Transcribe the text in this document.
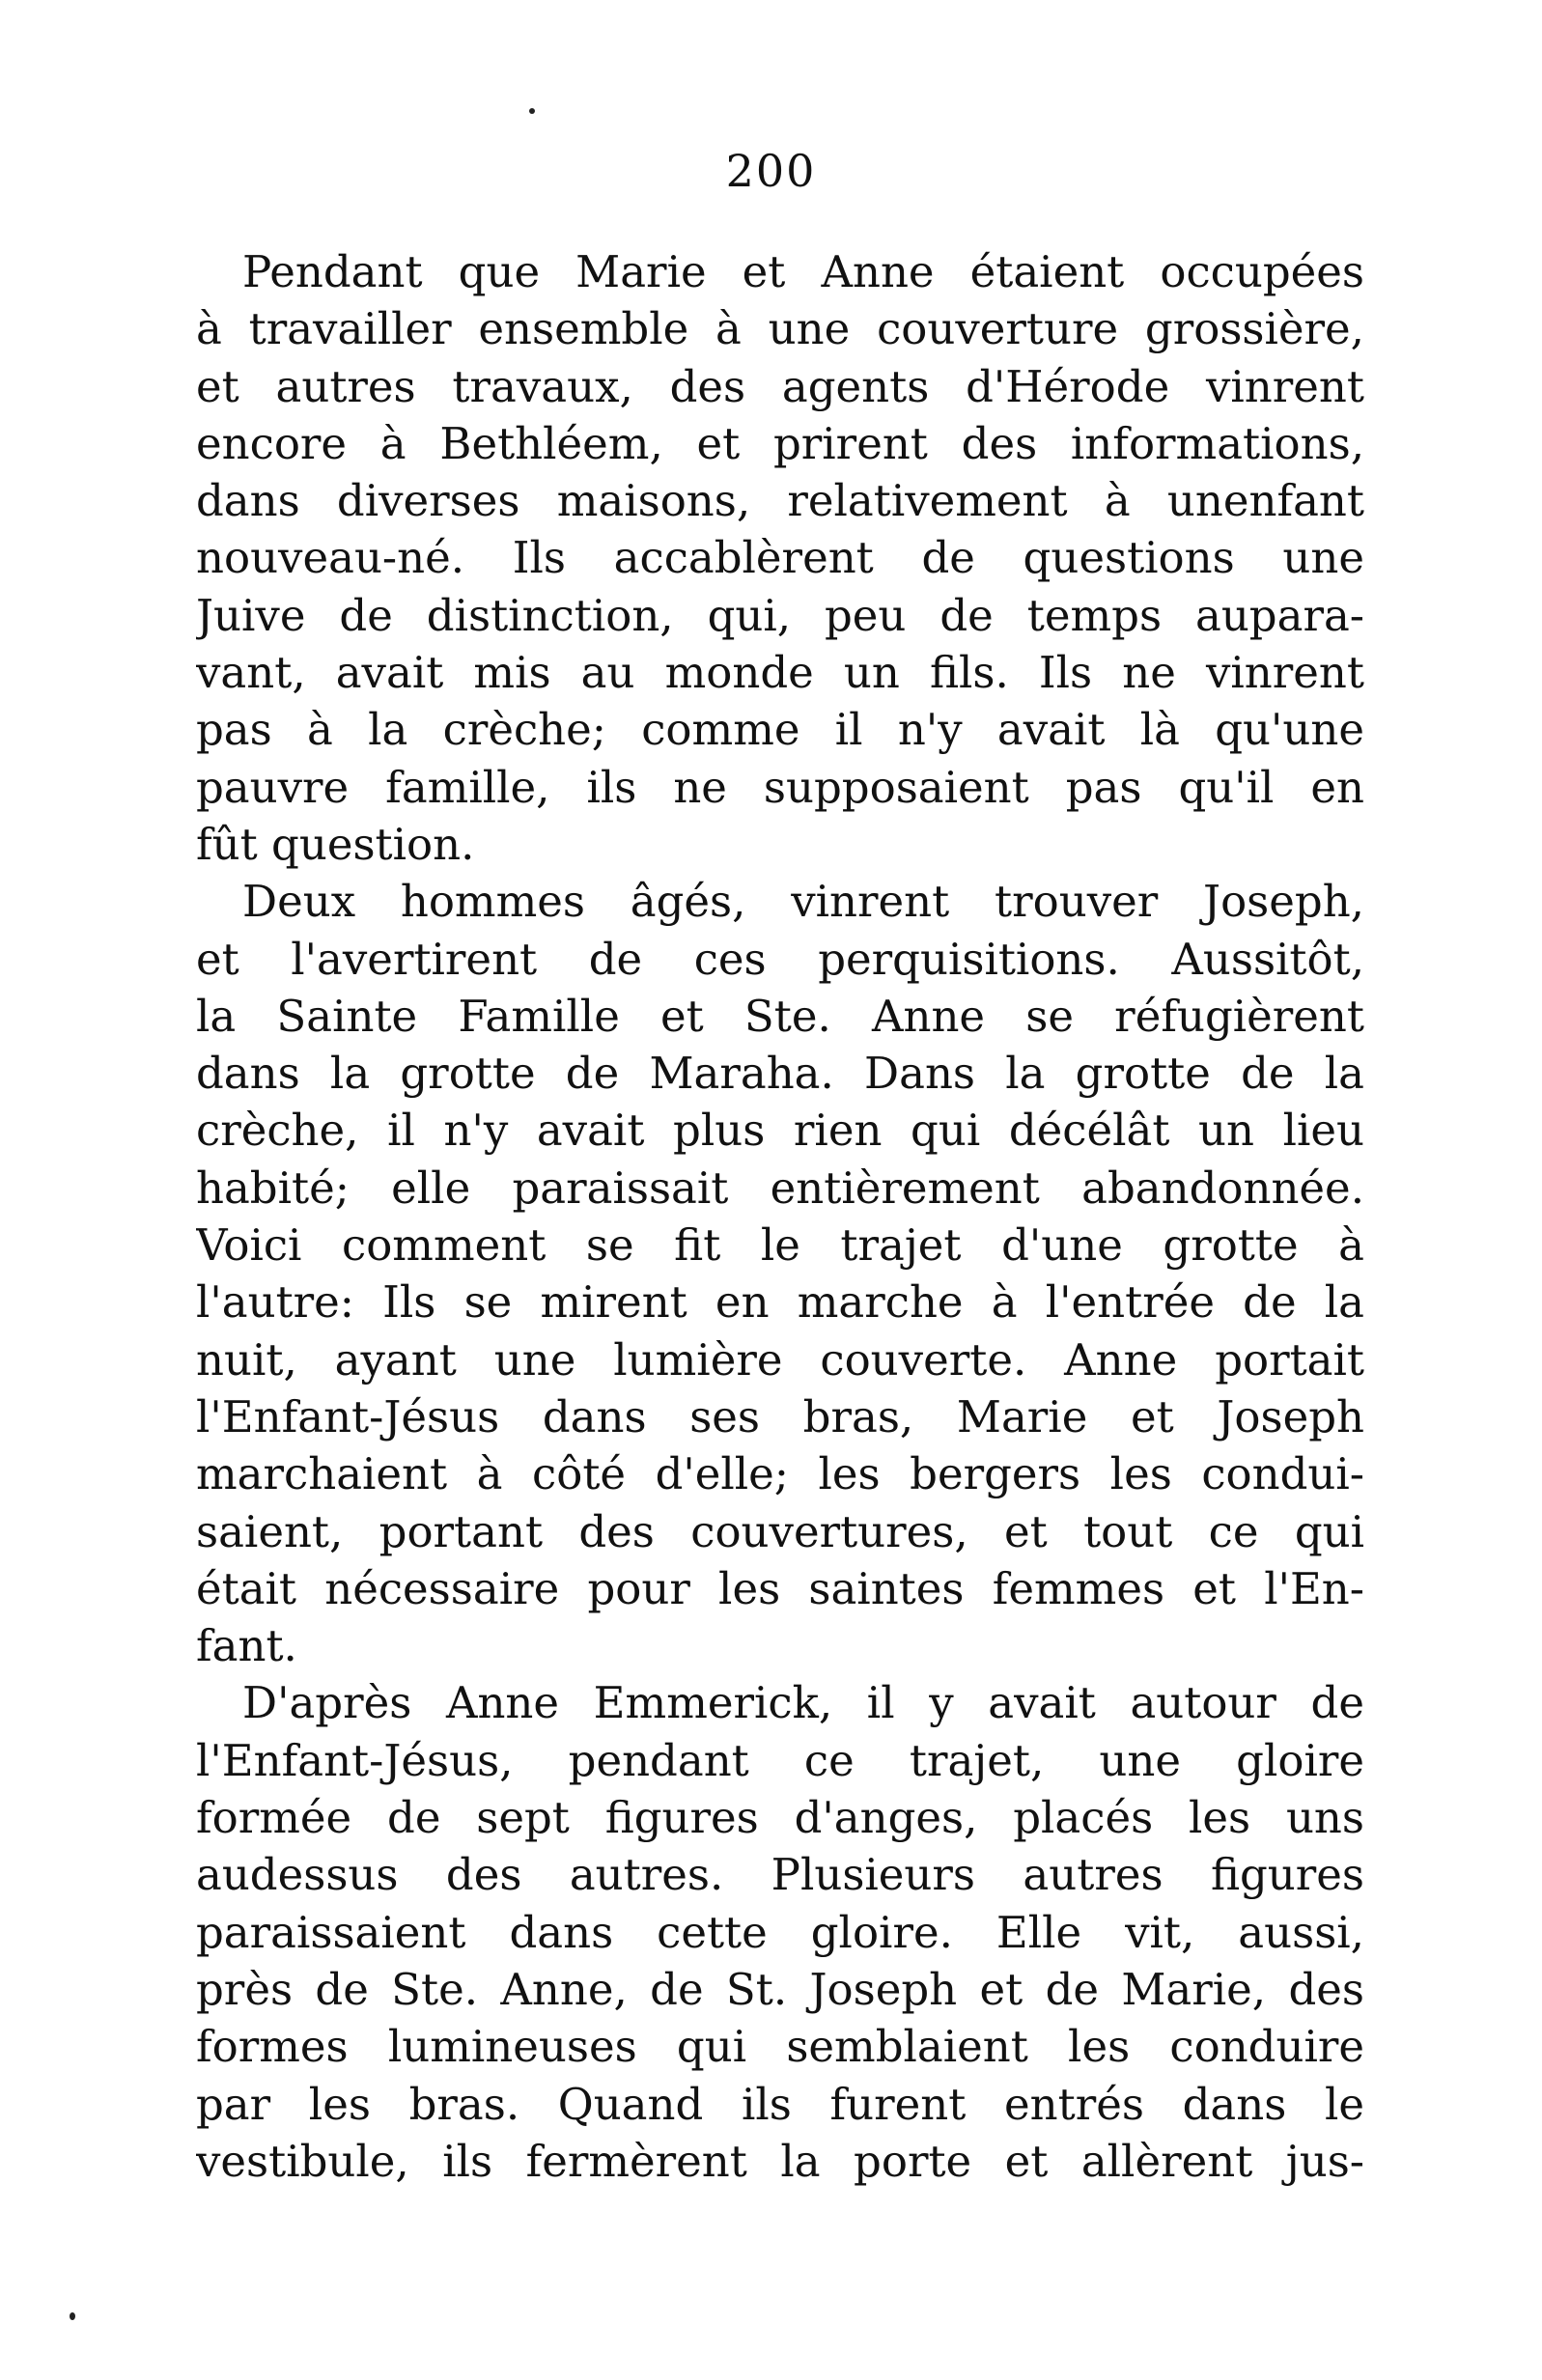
200
Pendant que Marie et Anne étaient occupées
à travailler ensemble à une couverture grossière,
et autres travaux, des agents d'Hérode vinrent
encore à Bethléem, et prirent des informations,
dans diverses maisons, relativement à unenfant
nouveau-né. Ils accablèrent de questions une
Juive de distinction, qui, peu de temps aupara-
vant, avait mis au monde un fils. Ils ne vinrent
pas à la crèche; comme il n'y avait là qu'une
pauvre famille, ils ne supposaient pas qu'il en
fût question.
Deux hommes âgés, vinrent trouver Joseph,
et l'avertirent de ces perquisitions. Aussitôt,
la Sainte Famille et Ste. Anne se réfugièrent
dans la grotte de Maraha. Dans la grotte de la
crèche, il n'y avait plus rien qui décélât un lieu
habité; elle paraissait entièrement abandonnée.
Voici comment se fit le trajet d'une grotte à
l'autre: Ils se mirent en marche à l'entrée de la
nuit, ayant une lumière couverte. Anne portait
l'Enfant-Jésus dans ses bras, Marie et Joseph
marchaient à côté d'elle; les bergers les condui-
saient, portant des couvertures, et tout ce qui
était nécessaire pour les saintes femmes et l'En-
fant.
D'après Anne Emmerick, il y avait autour de
l'Enfant-Jésus, pendant ce trajet, une gloire
formée de sept figures d'anges, placés les uns
audessus des autres. Plusieurs autres figures
paraissaient dans cette gloire. Elle vit, aussi,
près de Ste. Anne, de St. Joseph et de Marie, des
formes lumineuses qui semblaient les conduire
par les bras. Quand ils furent entrés dans le
vestibule, ils fermèrent la porte et allèrent jus-
